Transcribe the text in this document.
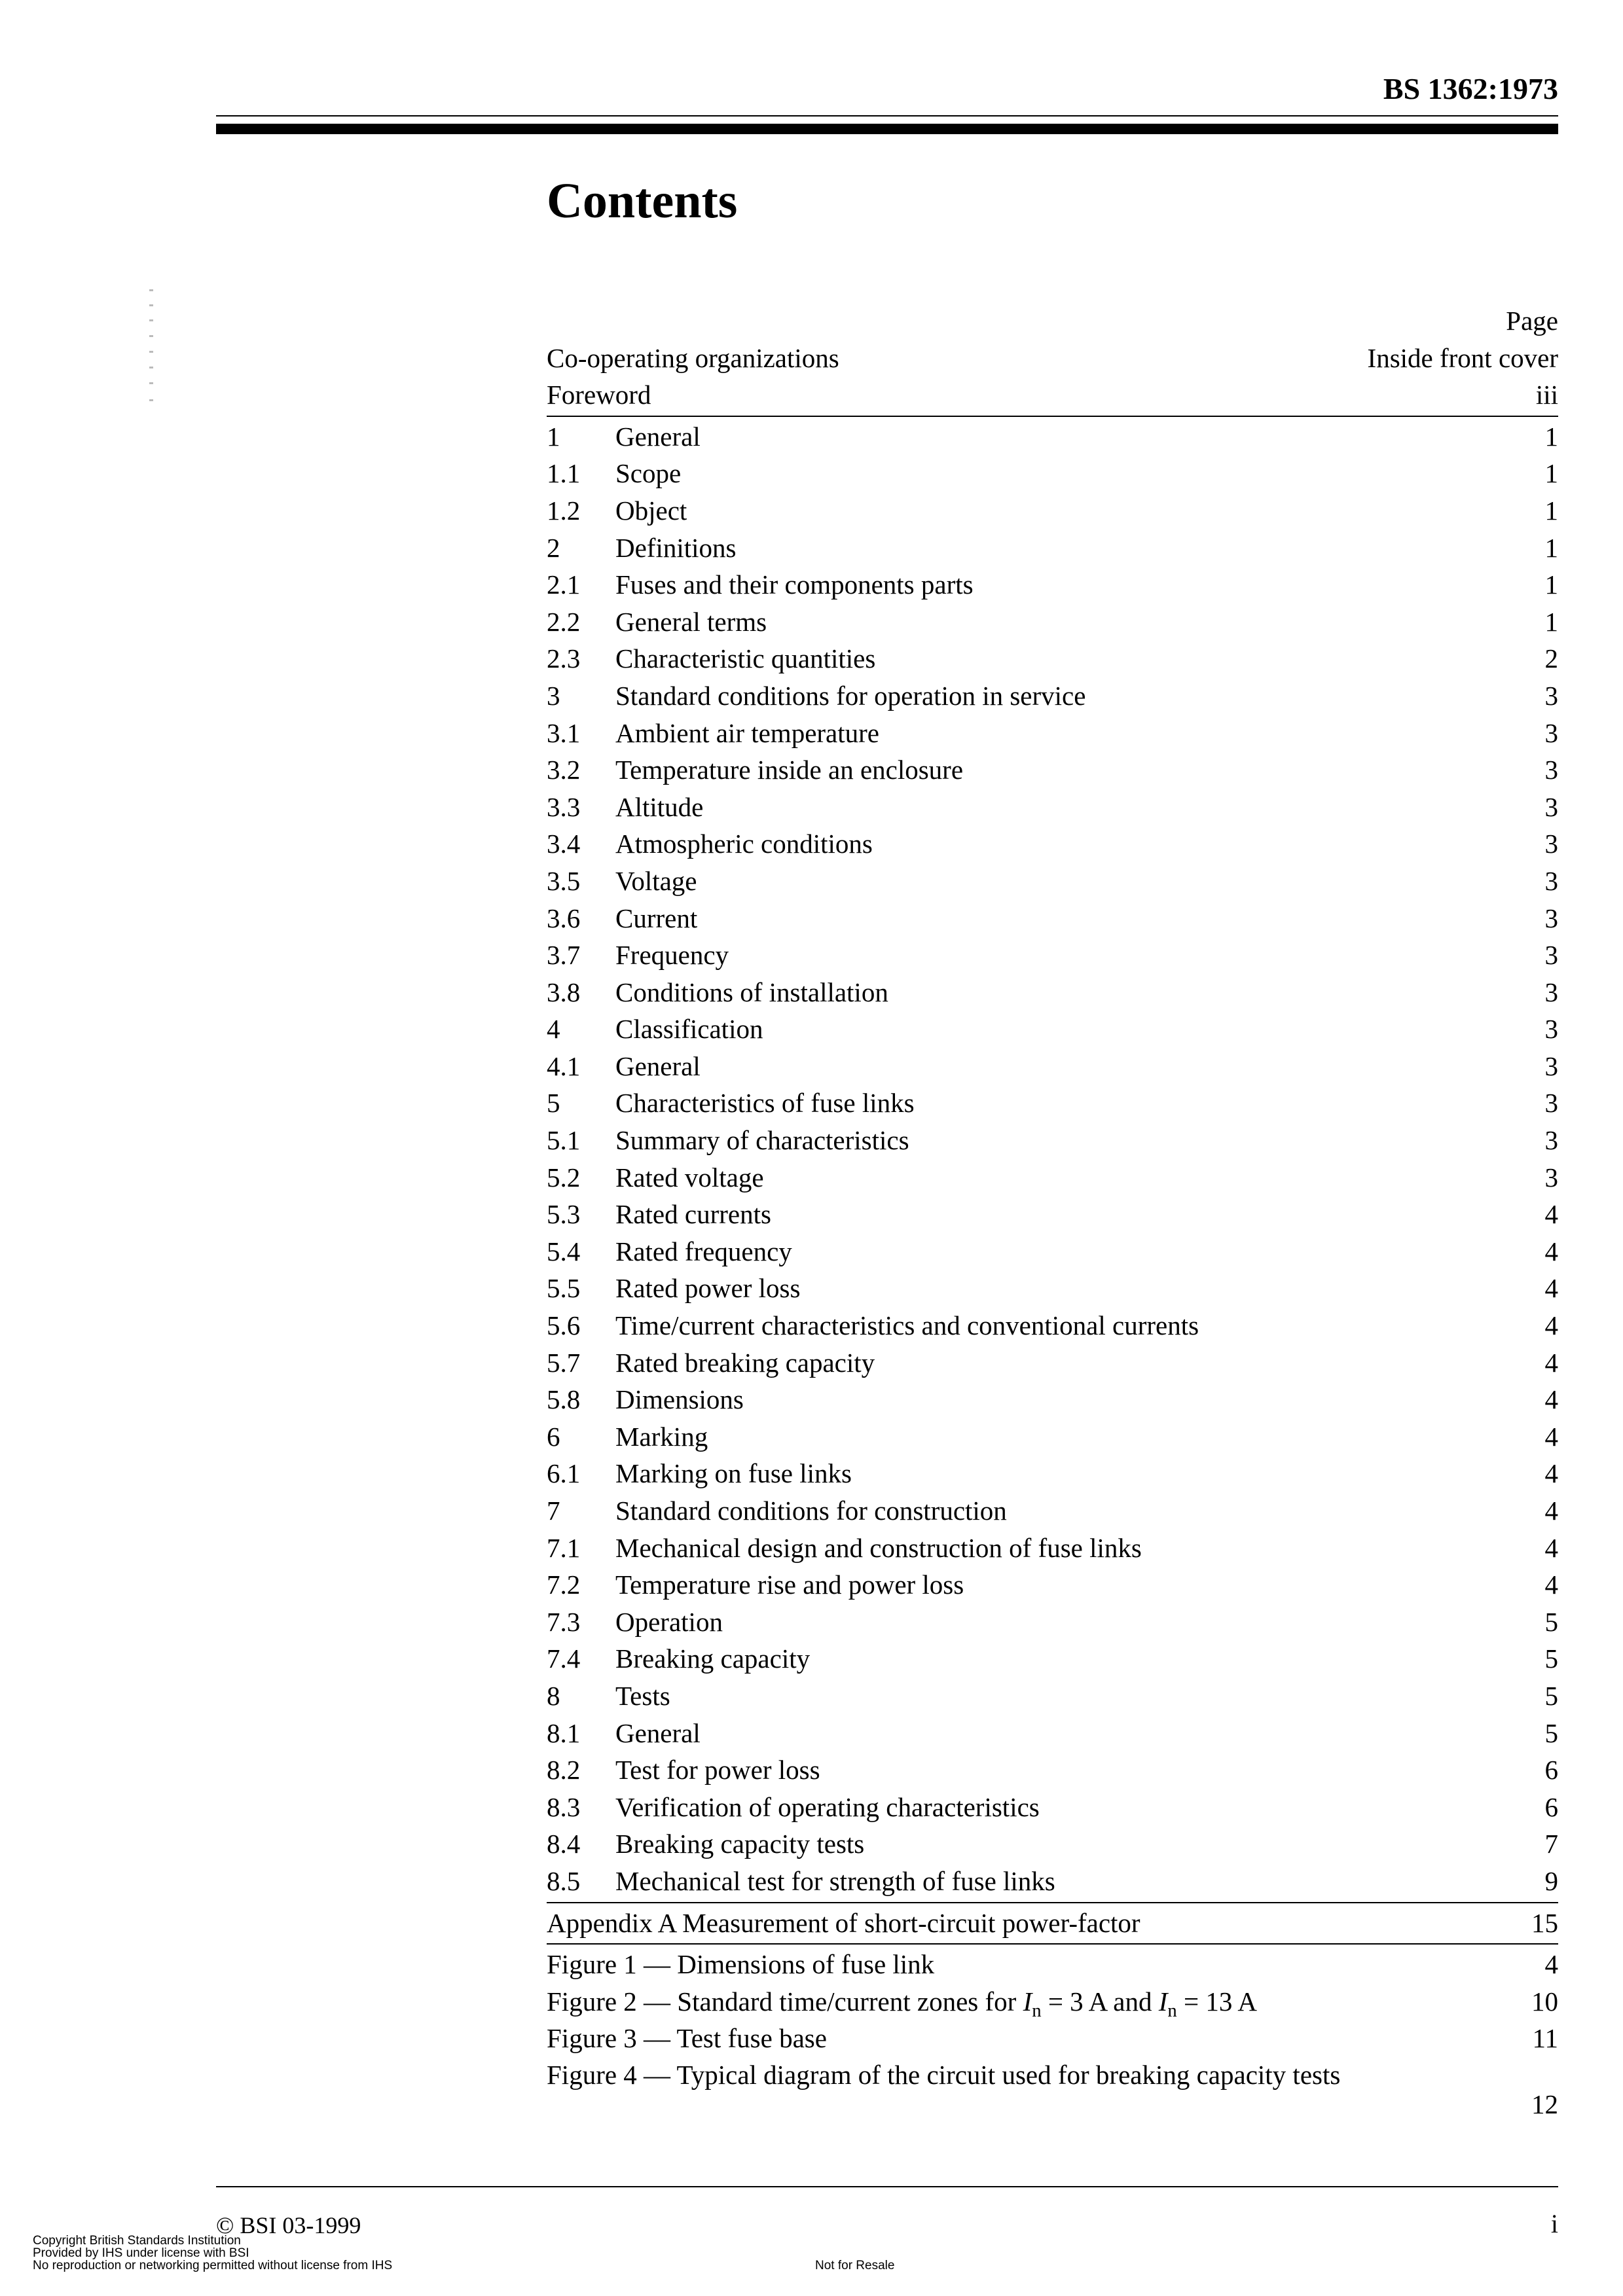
BS 1362:1973
Contents
Page
Co-operating organizations	Inside front cover
Foreword	iii
1 General	1
1.1 Scope	1
1.2 Object	1
2 Definitions	1
2.1 Fuses and their components parts	1
2.2 General terms	1
2.3 Characteristic quantities	2
3 Standard conditions for operation in service	3
3.1 Ambient air temperature	3
3.2 Temperature inside an enclosure	3
3.3 Altitude	3
3.4 Atmospheric conditions	3
3.5 Voltage	3
3.6 Current	3
3.7 Frequency	3
3.8 Conditions of installation	3
4 Classification	3
4.1 General	3
5 Characteristics of fuse links	3
5.1 Summary of characteristics	3
5.2 Rated voltage	3
5.3 Rated currents	4
5.4 Rated frequency	4
5.5 Rated power loss	4
5.6 Time/current characteristics and conventional currents	4
5.7 Rated breaking capacity	4
5.8 Dimensions	4
6 Marking	4
6.1 Marking on fuse links	4
7 Standard conditions for construction	4
7.1 Mechanical design and construction of fuse links	4
7.2 Temperature rise and power loss	4
7.3 Operation	5
7.4 Breaking capacity	5
8 Tests	5
8.1 General	5
8.2 Test for power loss	6
8.3 Verification of operating characteristics	6
8.4 Breaking capacity tests	7
8.5 Mechanical test for strength of fuse links	9
Appendix A Measurement of short-circuit power-factor	15
Figure 1 — Dimensions of fuse link	4
Figure 2 — Standard time/current zones for $I_n = 3$ A and $I_n = 13$ A	10
Figure 3 — Test fuse base	11
Figure 4 — Typical diagram of the circuit used for breaking capacity tests
12
© BSI 03-1999	i
Copyright British Standards Institution
Provided by IHS under license with BSI
No reproduction or networking permitted without license from IHS	Not for Resale
